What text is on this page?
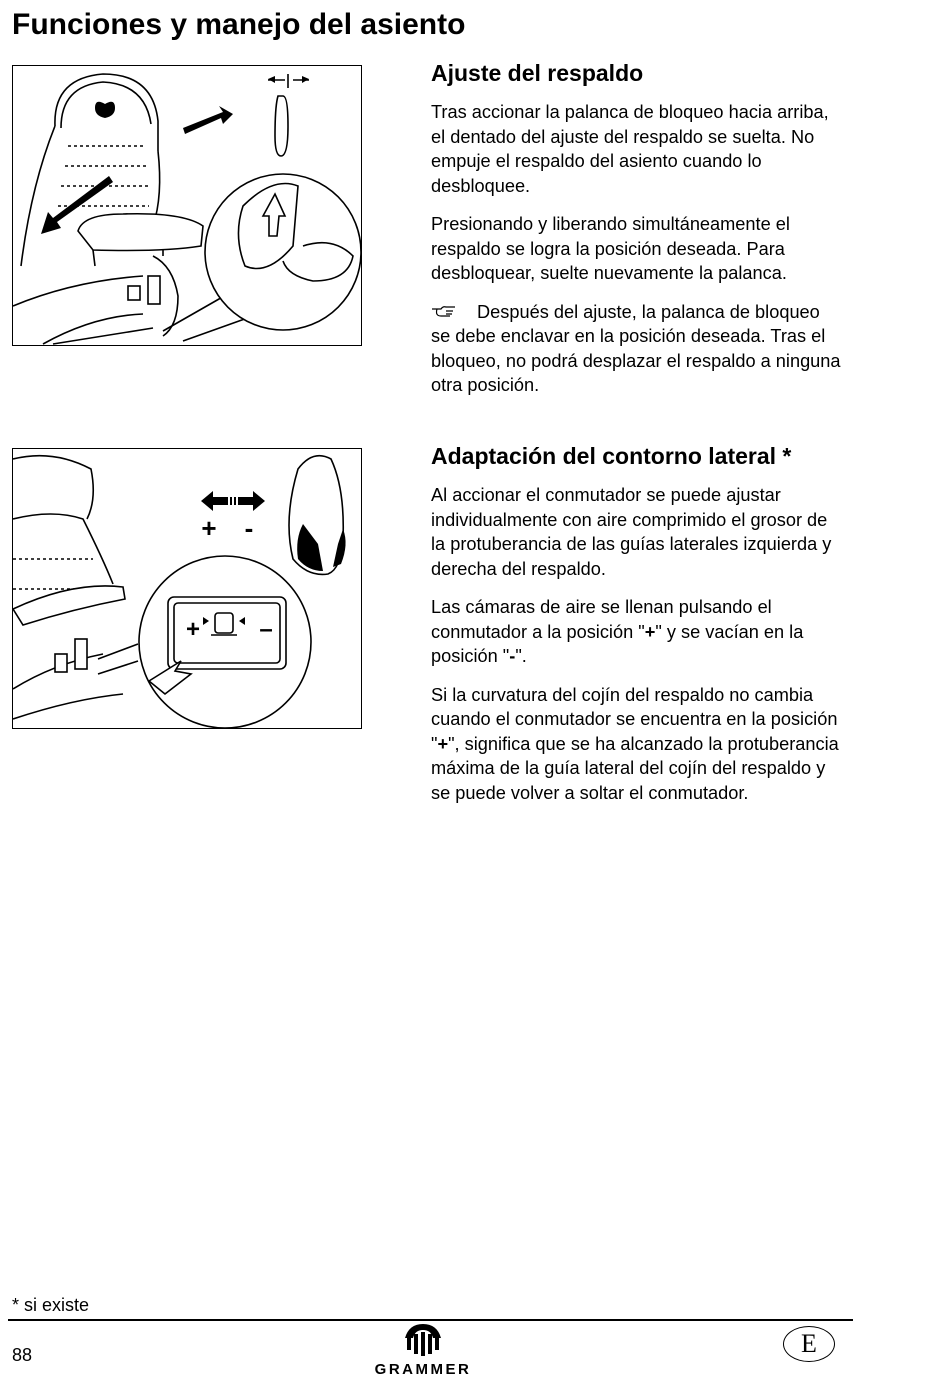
Funciones y manejo del asiento
Ajuste del respaldo

Tras accionar la palanca de bloqueo hacia arriba, el dentado del ajuste del respaldo se suelta. No empuje el respaldo del asiento cuando lo desbloquee.

Presionando y liberando simultáneamente el respaldo se logra la posición deseada. Para desbloquear, suelte nuevamente la palanca.

Después del ajuste, la palanca de bloqueo se debe enclavar en la posición deseada. Tras el bloqueo, no podrá desplazar el respaldo a ninguna otra posición.

+ -
+ –
Adaptación del contorno lateral *

Al accionar el conmutador se puede ajustar individualmente con aire comprimido el grosor de la protuberancia de las guías laterales izquierda y derecha del respaldo.

Las cámaras de aire se llenan pulsando el conmutador a la posición "+" y se vacían en la posición "-".

Si la curvatura del cojín del respaldo no cambia cuando el conmutador se encuentra en la posición "+", significa que se ha alcanzado la protuberancia máxima de la guía lateral del cojín del respaldo y se puede volver a soltar el conmutador.

* si existe
88
GRAMMER
E
